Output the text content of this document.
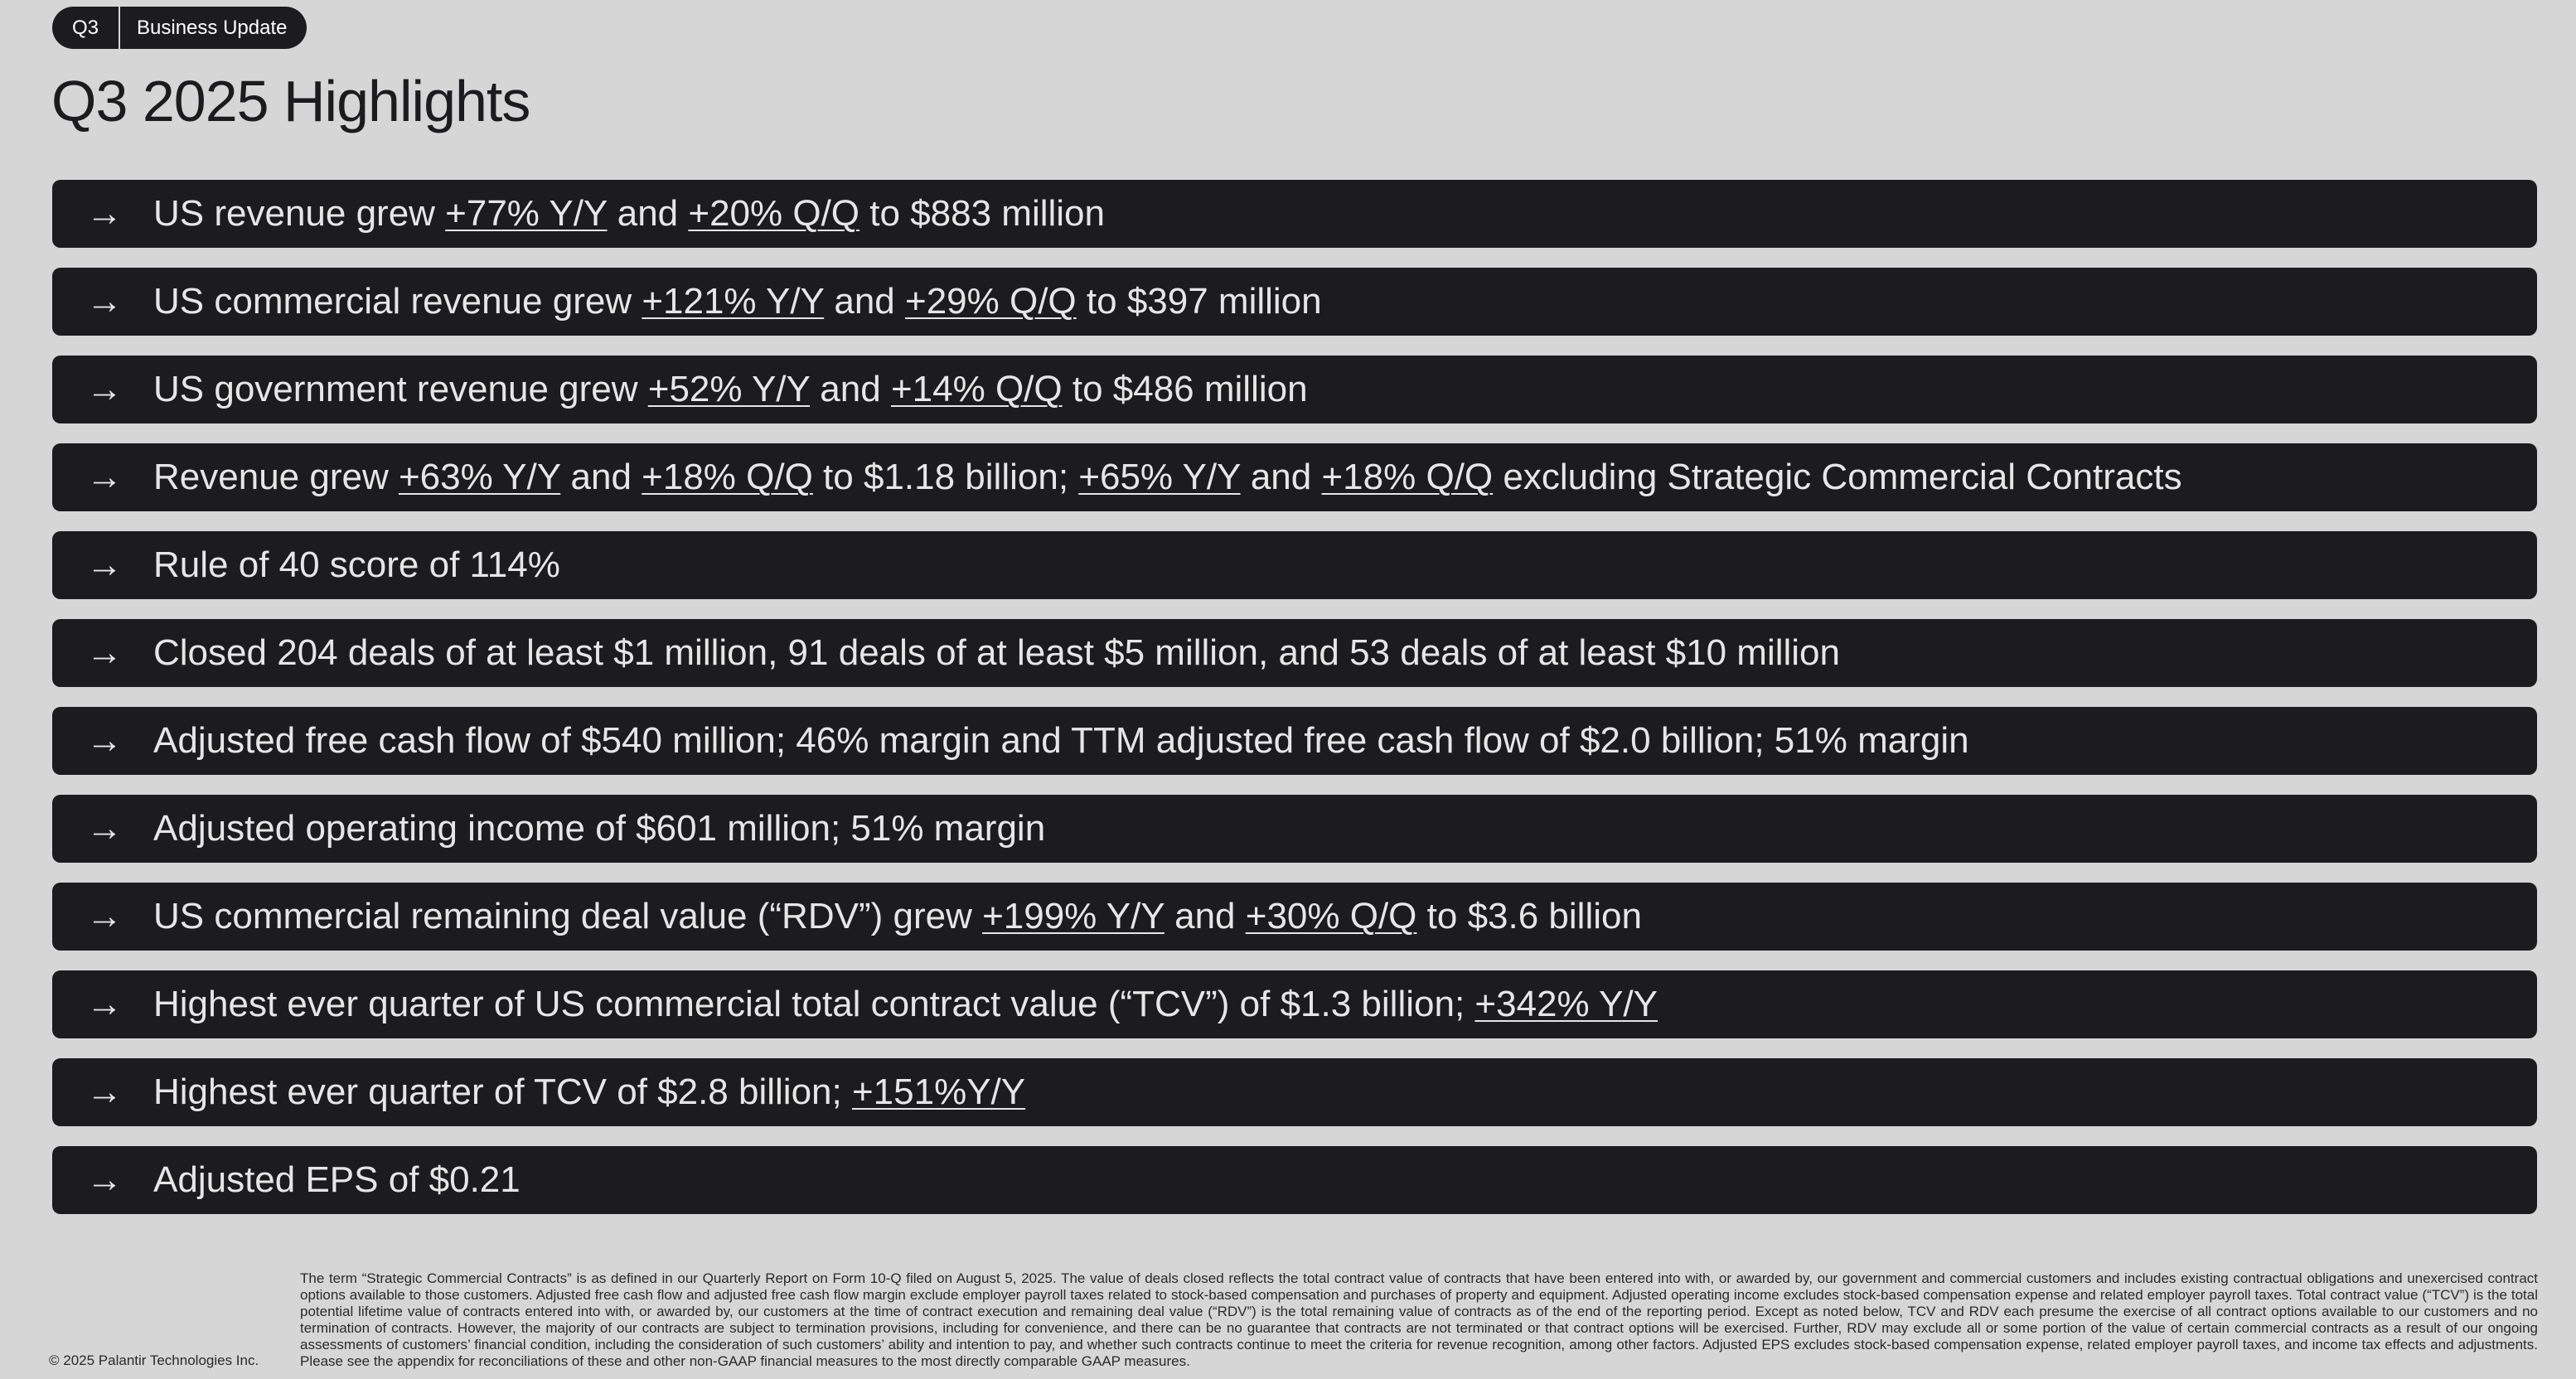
Q3	Business Update
Q3 2025 Highlights
→ US revenue grew +77% Y/Y and +20% Q/Q to $883 million
→ US commercial revenue grew +121% Y/Y and +29% Q/Q to $397 million
→ US government revenue grew +52% Y/Y and +14% Q/Q to $486 million
→ Revenue grew +63% Y/Y and +18% Q/Q to $1.18 billion; +65% Y/Y and +18% Q/Q excluding Strategic Commercial Contracts
→ Rule of 40 score of 114%
→ Closed 204 deals of at least $1 million, 91 deals of at least $5 million, and 53 deals of at least $10 million
→ Adjusted free cash flow of $540 million; 46% margin and TTM adjusted free cash flow of $2.0 billion; 51% margin
→ Adjusted operating income of $601 million; 51% margin
→ US commercial remaining deal value (“RDV”) grew +199% Y/Y and +30% Q/Q to $3.6 billion
→ Highest ever quarter of US commercial total contract value (“TCV”) of $1.3 billion; +342% Y/Y
→ Highest ever quarter of TCV of $2.8 billion; +151%Y/Y
→ Adjusted EPS of $0.21
© 2025 Palantir Technologies Inc.
The term “Strategic Commercial Contracts” is as defined in our Quarterly Report on Form 10-Q filed on August 5, 2025. The value of deals closed reflects the total contract value of contracts that have been entered into with, or awarded by, our government and commercial customers and includes existing contractual obligations and unexercised contract options available to those customers. Adjusted free cash flow and adjusted free cash flow margin exclude employer payroll taxes related to stock-based compensation and purchases of property and equipment. Adjusted operating income excludes stock-based compensation expense and related employer payroll taxes. Total contract value (“TCV”) is the total potential lifetime value of contracts entered into with, or awarded by, our customers at the time of contract execution and remaining deal value (“RDV”) is the total remaining value of contracts as of the end of the reporting period. Except as noted below, TCV and RDV each presume the exercise of all contract options available to our customers and no termination of contracts. However, the majority of our contracts are subject to termination provisions, including for convenience, and there can be no guarantee that contracts are not terminated or that contract options will be exercised. Further, RDV may exclude all or some portion of the value of certain commercial contracts as a result of our ongoing assessments of customers’ financial condition, including the consideration of such customers’ ability and intention to pay, and whether such contracts continue to meet the criteria for revenue recognition, among other factors. Adjusted EPS excludes stock-based compensation expense, related employer payroll taxes, and income tax effects and adjustments. Please see the appendix for reconciliations of these and other non-GAAP financial measures to the most directly comparable GAAP measures.
